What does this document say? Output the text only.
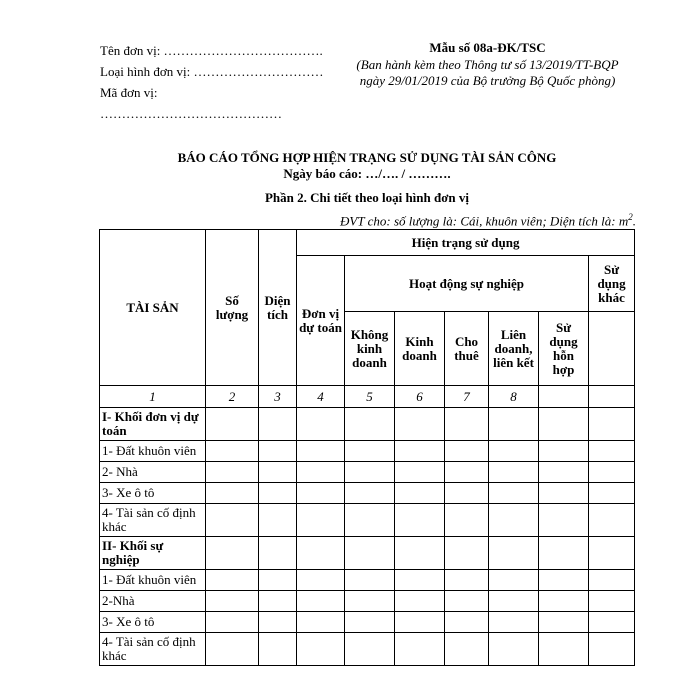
Tên đơn vị: ……………………………….
Loại hình đơn vị: …………………………
Mã đơn vị:
……………………………………
Mẫu số 08a-ĐK/TSC
(Ban hành kèm theo Thông tư số 13/2019/TT-BQP
ngày 29/01/2019 của Bộ trưởng Bộ Quốc phòng)
BÁO CÁO TỔNG HỢP HIỆN TRẠNG SỬ DỤNG TÀI SẢN CÔNG
Ngày báo cáo: …/…. / ……….
Phần 2. Chi tiết theo loại hình đơn vị
ĐVT cho: số lượng là: Cái, khuôn viên; Diện tích là: $m^2$.
TÀI SẢN	Số lượng	Diện tích	Hiện trạng sử dụng						
			Đơn vị dự toán	Hoạt động sự nghiệp					Sử dụng khác
				Không kinh doanh	Kinh doanh	Cho thuê	Liên doanh, liên kết	Sử dụng hỗn hợp	
1	2	3	4	5	6	7	8		
I- Khối đơn vị dự toán									
1- Đất khuôn viên									
2- Nhà									
3- Xe ô tô									
4- Tài sản cố định khác									
II- Khối sự nghiệp									
1- Đất khuôn viên									
2-Nhà									
3- Xe ô tô									
4- Tài sản cố định khác									
